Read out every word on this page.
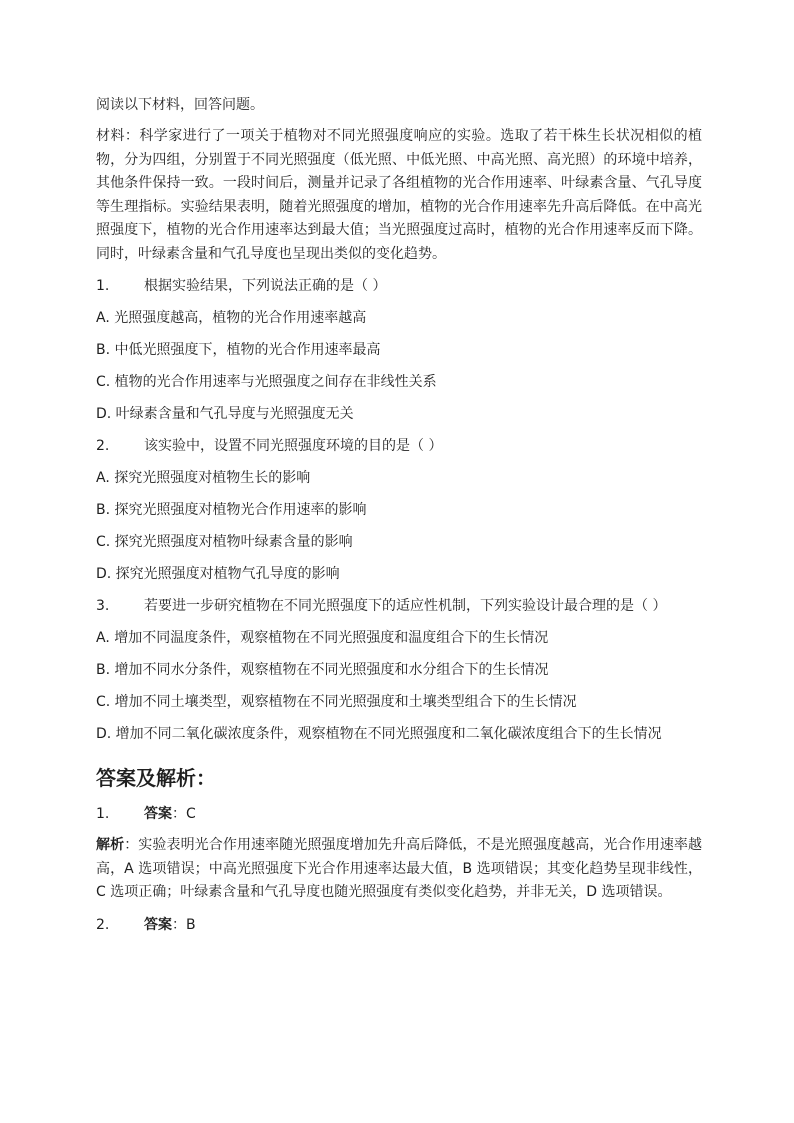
阅读以下材料，回答问题。

材料：科学家进行了一项关于植物对不同光照强度响应的实验。选取了若干株生长状况相似的植物，分为四组，分别置于不同光照强度（低光照、中低光照、中高光照、高光照）的环境中培养，其他条件保持一致。一段时间后，测量并记录了各组植物的光合作用速率、叶绿素含量、气孔导度等生理指标。实验结果表明，随着光照强度的增加，植物的光合作用速率先升高后降低。在中高光照强度下，植物的光合作用速率达到最大值；当光照强度过高时，植物的光合作用速率反而下降。同时，叶绿素含量和气孔导度也呈现出类似的变化趋势。

1. 根据实验结果，下列说法正确的是（ ）
A. 光照强度越高，植物的光合作用速率越高
B. 中低光照强度下，植物的光合作用速率最高
C. 植物的光合作用速率与光照强度之间存在非线性关系
D. 叶绿素含量和气孔导度与光照强度无关
2. 该实验中，设置不同光照强度环境的目的是（ ）
A. 探究光照强度对植物生长的影响
B. 探究光照强度对植物光合作用速率的影响
C. 探究光照强度对植物叶绿素含量的影响
D. 探究光照强度对植物气孔导度的影响
3. 若要进一步研究植物在不同光照强度下的适应性机制，下列实验设计最合理的是（ ）
A. 增加不同温度条件，观察植物在不同光照强度和温度组合下的生长情况
B. 增加不同水分条件，观察植物在不同光照强度和水分组合下的生长情况
C. 增加不同土壤类型，观察植物在不同光照强度和土壤类型组合下的生长情况
D. 增加不同二氧化碳浓度条件，观察植物在不同光照强度和二氧化碳浓度组合下的生长情况
答案及解析：
1. 答案：C

解析：实验表明光合作用速率随光照强度增加先升高后降低，不是光照强度越高，光合作用速率越高，A 选项错误；中高光照强度下光合作用速率达最大值，B 选项错误；其变化趋势呈现非线性，C 选项正确；叶绿素含量和气孔导度也随光照强度有类似变化趋势，并非无关，D 选项错误。

2. 答案：B
